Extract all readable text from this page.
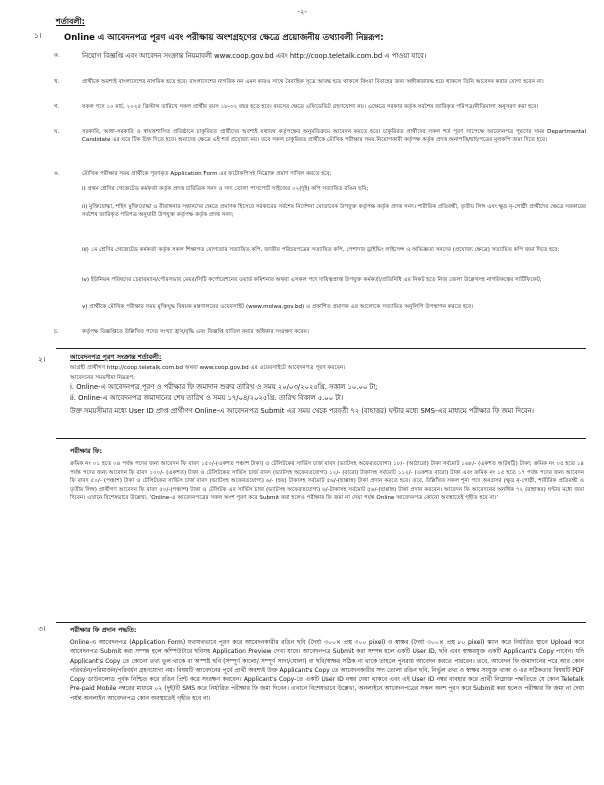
-২-
শর্তাবলী:
১।	Online এ আবেদনপত্র পূরণ এবং পরীক্ষায় অংশগ্রহণের ক্ষেত্রে প্রয়োজনীয় তথ্যাবলী নিম্নরূপ:
ক.	নিয়োগ বিজ্ঞপ্তি এবং আবেদন সংক্রান্ত নিয়মাবলী www.coop.gov.bd এবং http://coop.teletalk.com.bd এ পাওয়া যাবে।
খ.	প্রার্থীকে অবশ্যই বাংলাদেশের নাগরিক হতে হবে। বাংলাদেশের নাগরিক নন এমন কারও সাথে বৈবাহিক সূত্রে আবদ্ধ হয়ে থাকলে কিংবা বিবাহের জন্য অঙ্গীকারাবদ্ধ হয়ে থাকলে তিনি আবেদন করার যোগ্য হবেন না।
গ.	সকল পদে ১০ মার্চ, ২০২৫ খ্রিস্টাব্দ তারিখে সকল প্রার্থীর বয়স ১৮-৩২ বছর হতে হবে। বয়সের ক্ষেত্রে এফিডেভিট গ্রহণযোগ্য নয়। এক্ষেত্রে সরকার কর্তৃক সর্বশেষ জারিকৃত পরিপত্র/নীতিমালা অনুসরণ করা হবে।
ঘ.	সরকারি, আধা-সরকারি ও স্বায়ত্তশাসিত প্রতিষ্ঠানে চাকুরিরত প্রার্থীদের অবশ্যই যথাযথ কর্তৃপক্ষের অনুমতিক্রমে আবেদন করতে হবে। চাকুরিরত প্রার্থীদের সকল শর্ত পূরণ সাপেক্ষে আবেদনপত্র পূরণের সময় Departmental Candidate এর ঘরে টিক চিহ্ন দিতে হবে। অন্যদের ক্ষেত্রে এই শর্ত প্রযোজ্য নয়। তবে সকল চাকুরিরত প্রার্থীকে মৌখিক পরীক্ষার সময় নিয়োগকারী কর্তৃপক্ষ কর্তৃক প্রদত্ত অনাপত্তি/ছাড়পত্রের মূলকপি জমা দিতে হবে।
ঙ.	মৌখিক পরীক্ষার সময় প্রার্থীকে পূরণকৃত Application Form এর ফটোকপিসহ নিম্নোক্ত প্রমাণ দাখিল করতে হবে:
i) প্রথম শ্রেণির গেজেটেড কর্মকর্তা কর্তৃক প্রদত্ত চারিত্রিক সনদ ও সদ্য তোলা পাসপোর্ট সাইজের ০২(দুই) কপি সত্যায়িত রঙিন ছবি;
ii) মুক্তিযোদ্ধা, শহিদ মুক্তিযোদ্ধা ও বীরাঙ্গনার সন্তানদের ক্ষেত্রে প্রমাণক হিসেবে সরকারের সর্বশেষ নির্দেশনা মোতাবেক উপযুক্ত কর্তৃপক্ষ কর্তৃক প্রদত্ত সনদ। শারীরিক প্রতিবন্ধী, তৃতীয় লিঙ্গ এবং ক্ষুদ্র নৃ-গোষ্ঠী প্রার্থীদের ক্ষেত্রে সরকারের সর্বশেষ জারিকৃত পরিপত্র অনুযায়ী উপযুক্ত কর্তৃপক্ষ কর্তৃক প্রদত্ত সনদ;
iii) ১ম শ্রেণির গেজেটেড কর্মকর্তা কর্তৃক সকল শিক্ষাগত যোগ্যতার সত্যায়িত কপি, জাতীয় পরিচয়পত্রের সত্যায়িত কপি, পেশাদার ড্রাইভিং লাইসেন্স ও অভিজ্ঞতা সনদের (প্রযোজ্য ক্ষেত্রে) সত্যায়িত কপি জমা দিতে হবে;
iv) ইউনিয়ন পরিষদের চেয়ারম্যান/পৌরসভার মেয়র/সিটি কর্পোরেশনের ওয়ার্ড কমিশনার অথবা এসকল পদে দায়িত্বপ্রাপ্ত উপযুক্ত কর্মকর্তা/প্রতিনিধি এর নিকট হতে নিজ জেলা উল্লেখসহ নাগরিকত্বের সার্টিফিকেট;
v) প্রার্থীকে মৌখিক পরীক্ষার সময় মুক্তিযুদ্ধ বিষয়ক মন্ত্রণালয়ের ওয়েবসাইট (www.molwa.gov.bd) এ প্রকাশিত প্রমাণক এর আলোকে সত্যায়িত অনুলিপি উপস্থাপন করতে হবে।
চ.	কর্তৃপক্ষ বিজ্ঞপ্তিতে উল্লিখিত পদের সংখ্যা হ্রাস/বৃদ্ধি এবং বিজ্ঞপ্তি বাতিল করার অধিকার সংরক্ষণ করেন।
২।	আবেদনপত্র পূরণ সংক্রান্ত শর্তাবলী:
আগ্রহী প্রার্থীগণ http://coop.teletalk.com.bd অথবা www.coop.gov.bd এর ওয়েবসাইটে আবেদনপত্র পূরণ করবেন।
আবেদনের সময়সীমা নিম্নরূপ:
i. Online-এ আবেদনপত্র পূরণ ও পরীক্ষার ফি জমাদান শুরুর তারিখ ও সময় ২০/০৩/২০২৫খ্রি. সকাল ১০.০০ টা;
ii. Online-এ আবেদনপত্র জমাদানের শেষ তারিখ ও সময় ১৭/০৪/২০২৫খ্রি. তারিখ বিকাল ৫.০০ টা।
উক্ত সময়সীমার মধ্যে User ID প্রাপ্ত প্রার্থীগণ Online-এ আবেদনপত্র Submit এর সময় থেকে পরবর্তী ৭২ (বাহাত্তর) ঘন্টার মধ্যে SMS-এর মাধ্যমে পরীক্ষার ফি জমা দিবেন।
পরীক্ষার ফি:
ক্রমিক নং ০১ হতে ০৪ পর্যন্ত পদের জন্য আবেদন ফি বাবদ ১৫০/-(একশত পঞ্চাশ টাকা) ও টেলিটকের সার্ভিস চার্জ বাবদ (ভ্যাটসহ অফেরতযোগ্য) ১৮/- (আঠারো) টাকা সর্বমোট ১৬৮/- (একশত আটষট্টি) টাকা; ক্রমিক নং ০৫ হতে ১৪ পর্যন্ত পদের জন্য আবেদন ফি বাবদ ১০০/- (একশত) টাকা ও টেলিটকের সার্ভিস চার্জ বাবদ (ভ্যাটসহ অফেরতযোগ্য) ১২/- (বারো) টাকাসহ সর্বমোট ১১২/- (একশত বারো) টাকা এবং ক্রমিক নং ১৫ হতে ১৭ পর্যন্ত পদের জন্য আবেদন ফি বাবদ ৫০/- (পঞ্চাশ) টাকা ও টেলিটকের সার্ভিস চার্জ বাবদ (ভ্যাটসহ অফেরতযোগ্য) ৬/- (ছয়) টাকাসহ সর্বমোট ৫৬/-(ছাপ্পান্ন) টাকা প্রদান করতে হবে। তবে, উল্লিখিত সকল শূন্য পদে অনগ্রসর (ক্ষুদ্র নৃ-গোষ্ঠী, শারীরিক প্রতিবন্ধী ও তৃতীয় লিঙ্গ) প্রার্থীগণ আবেদন ফি বাবদ ৫০/-(পঞ্চাশ) টাকা ও টেলিটক এর সার্ভিস চার্জ (ভ্যাটসহ অফেরতযোগ্য) ৬/-টাকাসহ সর্বমোট ৫৬/-(ছাপ্পান্ন) টাকা প্রদান করবেন। আবেদন ফি আবেদনের অনধিক ৭২ (বাহাত্তর) ঘন্টার মধ্যে জমা দিবেন। এখানে বিশেষভাবে উল্লেখ্য, 'Online-এ আবেদনপত্রের সকল অংশ পূরণ করে Submit করা হলেও পরীক্ষার ফি জমা না দেয়া পর্যন্ত Online আবেদনপত্র কোনো অবস্থাতেই গৃহীত হবে না।'
৩।	পরীক্ষার ফি প্রদান পদ্ধতি:
Online-এ আবেদনপত্র (Application Form) যথাযথভাবে পূরণ করে আবেদনকারীর রঙিন ছবি (দৈর্ঘ্য ৩০০× প্রস্থ ৩০০ pixel) ও স্বাক্ষর (দৈর্ঘ্য ৩০০× প্রস্থ ৮০ pixel) স্ক্যান করে নির্ধারিত স্থানে Upload করে আবেদনপত্র Submit করা সম্পন্ন হলে কম্পিউটারে ছবিসহ Application Preview দেখা যাবে। আবেদনপত্র Submit করা সম্পন্ন হলে একটি User ID, ছবি এবং স্বাক্ষরযুক্ত একটি Applicant's Copy পাবেন। যদি Applicant's Copy তে কোনো তথ্য ভুল থাকে বা অস্পষ্ট ছবি (সম্পূর্ণ কালো/ সম্পূর্ণ সাদা/ঘোলা) বা ছবি/স্বাক্ষর সঠিক না থাকে তাহলে পুনরায় আবেদন করতে পারবেন। তবে, আবেদন ফি জমাদানের পরে আর কোন পরিবর্তন/পরিমার্জন/পরিবর্ধন গ্রহণযোগ্য নয়। বিষয়টি আবেদনের পূর্বে প্রার্থী অবশ্যই উক্ত Applicant's Copy তে আবেদনকারীর সদ্য তোলা রঙিন ছবি, নির্ভুল তথ্য ও স্বাক্ষর সংযুক্ত থাকা ও এর সঠিকতার বিষয়টি PDF Copy ডাউনলোড পূর্বক নিশ্চিত করে রঙিন প্রিন্ট করে সংরক্ষণ করবেন। Applicant's Copy-তে একটি User ID নম্বর দেয়া থাকবে এবং এই User ID নম্বর ব্যবহার করে প্রার্থী নিম্নোক্ত পদ্ধতিতে যে কোন Teletalk Pre-paid Mobile নম্বরের মাধ্যমে ০২ (দুই)টি SMS করে নির্ধারিত পরীক্ষার ফি জমা দিবেন। এখানে বিশেষভাবে উল্লেখ্য, অনলাইনে আবেদনপত্রের সকল অংশ পূরণ করে Submit করা হলেও পরীক্ষার ফি জমা না দেয়া পর্যন্ত অনলাইন আবেদনপত্র কোন অবস্থাতেই গৃহীত হবে না।
